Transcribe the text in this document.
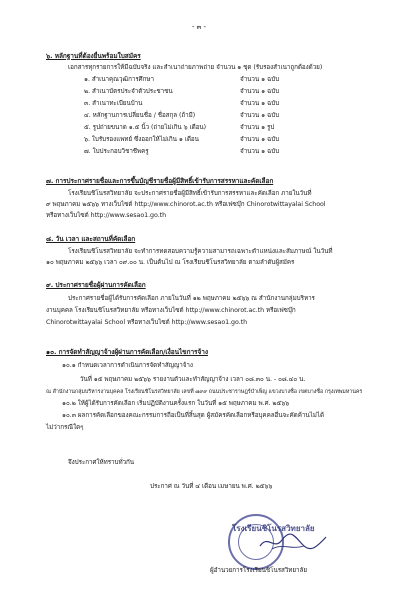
- ๓ -
๖. หลักฐานที่ต้องยื่นพร้อมใบสมัคร
เอกสารทุกรายการให้มีฉบับจริง และสำเนาถ่ายภาพถ่าย จำนวน ๑ ชุด (รับรองสำเนาถูกต้องด้วย)
๑. สำเนาคุณวุฒิการศึกษา	จำนวน ๑ ฉบับ
๒. สำเนาบัตรประจำตัวประชาชน	จำนวน ๑ ฉบับ
๓. สำเนาทะเบียนบ้าน	จำนวน ๑ ฉบับ
๔. หลักฐานการเปลี่ยนชื่อ / ชื่อสกุล (ถ้ามี)	จำนวน ๑ ฉบับ
๕. รูปถ่ายขนาด ๑.๕ นิ้ว (ถ่ายไม่เกิน ๖ เดือน)	จำนวน ๑ รูป
๖. ใบรับรองแพทย์ ซึ่งออกให้ไม่เกิน ๑ เดือน	จำนวน ๑ ฉบับ
๗. ใบประกอบวิชาชีพครู	จำนวน ๑ ฉบับ
๗. การประกาศรายชื่อและการขึ้นบัญชีรายชื่อผู้มีสิทธิ์เข้ารับการสรรหาและคัดเลือก
โรงเรียนชิโนรสวิทยาลัย จะประกาศรายชื่อผู้มีสิทธิ์เข้ารับการสรรหาและคัดเลือก ภายในวันที่
๙ พฤษภาคม ๒๕๖๖ ทางเว็บไซต์ http://www.chinorot.ac.th หรือเฟซบุ๊ก Chinorotwittayalai School
หรือทางเว็บไซต์ http://www.sesao1.go.th
๘. วัน เวลา และสถานที่คัดเลือก
โรงเรียนชิโนรสวิทยาลัย จะทำการทดสอบความรู้ความสามารถเฉพาะตำแหน่งและสัมภาษณ์ ในวันที่
๑๐ พฤษภาคม ๒๕๖๖ เวลา ๐๙.๐๐ น. เป็นต้นไป ณ โรงเรียนชิโนรสวิทยาลัย ตามลำดับผู้สมัคร
๙. ประกาศรายชื่อผู้ผ่านการคัดเลือก
ประกาศรายชื่อผู้ได้รับการคัดเลือก ภายในวันที่ ๑๒ พฤษภาคม ๒๕๖๖ ณ สำนักงานกลุ่มบริหาร
งานบุคคล โรงเรียนชิโนรสวิทยาลัย หรือทางเว็บไซต์ http://www.chinorot.ac.th หรือเฟซบุ๊ก
Chinorotwittayalai School หรือทางเว็บไซต์ http://www.sesao1.go.th
๑๐. การจัดทำสัญญาจ้างผู้ผ่านการคัดเลือก/เงื่อนไขการจ้าง
๑๐.๑ กำหนดเวลาการดำเนินการจัดทำสัญญาจ้าง
วันที่ ๑๕ พฤษภาคม ๒๕๖๖ รายงานตัวและทำสัญญาจ้าง เวลา ๐๘.๓๐ น. - ๐๘.๔๐ น.
ณ สำนักงานกลุ่มบริหารงานบุคคล โรงเรียนชิโนรสวิทยาลัย เลขที่ ๗๙๙ ถนนประชาราษฎร์บำเพ็ญ แขวงบางซื่อ เขตบางซื่อ กรุงเทพมหานคร
๑๐.๒ ให้ผู้ได้รับการคัดเลือก เริ่มปฏิบัติงานครั้งแรก ในวันที่ ๑๕ พฤษภาคม พ.ศ. ๒๕๖๖
๑๐.๓ ผลการคัดเลือกของคณะกรรมการถือเป็นที่สิ้นสุด ผู้สมัครคัดเลือกหรือบุคคลอื่นจะคัดค้านไม่ได้
ไม่ว่ากรณีใดๆ
จึงประกาศให้ทราบทั่วกัน
ประกาศ ณ วันที่ ๔ เดือน เมษายน พ.ศ. ๒๕๖๖
โรงเรียนชิโนรสวิทยาลัย
ผู้อำนวยการโรงเรียนชิโนรสวิทยาลัย
